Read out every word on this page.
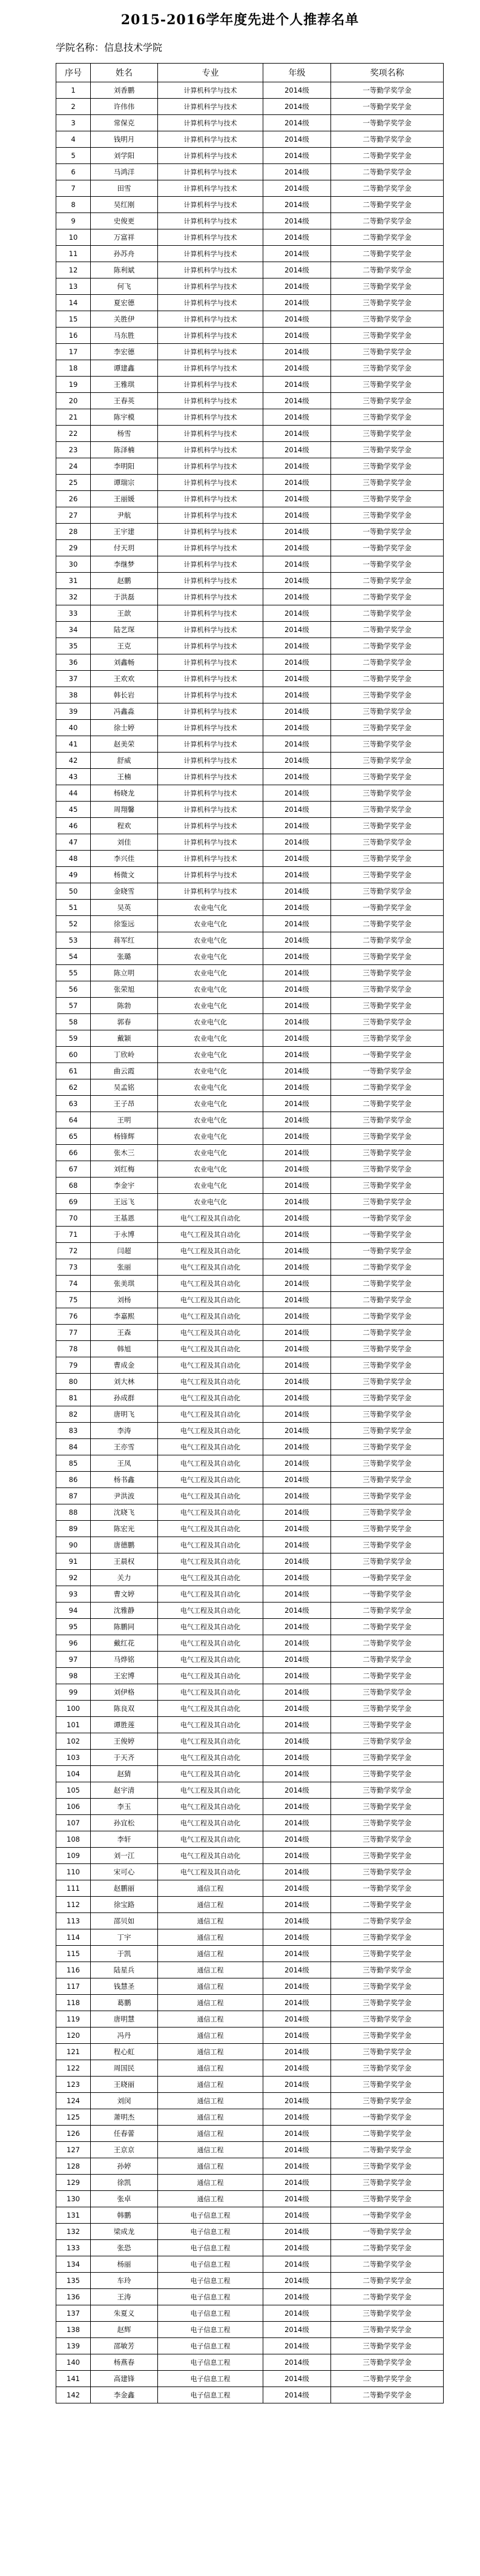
2015-2016学年度先进个人推荐名单
学院名称：信息技术学院
序号	姓名	专业	年级	奖项名称
1	刘香鹏	计算机科学与技术	2014级	一等勤学奖学金
2	许伟伟	计算机科学与技术	2014级	一等勤学奖学金
3	常保克	计算机科学与技术	2014级	一等勤学奖学金
4	钱明月	计算机科学与技术	2014级	二等勤学奖学金
5	刘学阳	计算机科学与技术	2014级	二等勤学奖学金
6	马鸿洋	计算机科学与技术	2014级	二等勤学奖学金
7	田雪	计算机科学与技术	2014级	二等勤学奖学金
8	吴红刚	计算机科学与技术	2014级	二等勤学奖学金
9	史俊更	计算机科学与技术	2014级	二等勤学奖学金
10	万富祥	计算机科学与技术	2014级	二等勤学奖学金
11	孙苏舟	计算机科学与技术	2014级	二等勤学奖学金
12	陈利斌	计算机科学与技术	2014级	二等勤学奖学金
13	何飞	计算机科学与技术	2014级	三等勤学奖学金
14	夏宏德	计算机科学与技术	2014级	三等勤学奖学金
15	关胜伊	计算机科学与技术	2014级	三等勤学奖学金
16	马东胜	计算机科学与技术	2014级	三等勤学奖学金
17	李宏德	计算机科学与技术	2014级	三等勤学奖学金
18	谭建鑫	计算机科学与技术	2014级	三等勤学奖学金
19	王雅琪	计算机科学与技术	2014级	三等勤学奖学金
20	王春英	计算机科学与技术	2014级	三等勤学奖学金
21	陈宇模	计算机科学与技术	2014级	三等勤学奖学金
22	杨雪	计算机科学与技术	2014级	三等勤学奖学金
23	陈泽楠	计算机科学与技术	2014级	三等勤学奖学金
24	李明阳	计算机科学与技术	2014级	三等勤学奖学金
25	谭瑞宗	计算机科学与技术	2014级	三等勤学奖学金
26	王丽媛	计算机科学与技术	2014级	三等勤学奖学金
27	尹航	计算机科学与技术	2014级	三等勤学奖学金
28	王宇建	计算机科学与技术	2014级	一等勤学奖学金
29	付天玥	计算机科学与技术	2014级	一等勤学奖学金
30	李继梦	计算机科学与技术	2014级	一等勤学奖学金
31	赵鹏	计算机科学与技术	2014级	二等勤学奖学金
32	于洪磊	计算机科学与技术	2014级	二等勤学奖学金
33	王歆	计算机科学与技术	2014级	二等勤学奖学金
34	陆艺琛	计算机科学与技术	2014级	二等勤学奖学金
35	王克	计算机科学与技术	2014级	二等勤学奖学金
36	刘鑫畅	计算机科学与技术	2014级	二等勤学奖学金
37	王欢欢	计算机科学与技术	2014级	二等勤学奖学金
38	韩长岩	计算机科学与技术	2014级	三等勤学奖学金
39	冯鑫淼	计算机科学与技术	2014级	三等勤学奖学金
40	徐士婷	计算机科学与技术	2014级	三等勤学奖学金
41	赵美荣	计算机科学与技术	2014级	三等勤学奖学金
42	舒威	计算机科学与技术	2014级	三等勤学奖学金
43	王楠	计算机科学与技术	2014级	三等勤学奖学金
44	杨晓龙	计算机科学与技术	2014级	三等勤学奖学金
45	周翔馨	计算机科学与技术	2014级	三等勤学奖学金
46	程欢	计算机科学与技术	2014级	三等勤学奖学金
47	刘佳	计算机科学与技术	2014级	三等勤学奖学金
48	李兴佳	计算机科学与技术	2014级	三等勤学奖学金
49	杨微文	计算机科学与技术	2014级	三等勤学奖学金
50	金晓雪	计算机科学与技术	2014级	三等勤学奖学金
51	吴英	农业电气化	2014级	一等勤学奖学金
52	徐鉴远	农业电气化	2014级	二等勤学奖学金
53	蒋军红	农业电气化	2014级	二等勤学奖学金
54	张璐	农业电气化	2014级	三等勤学奖学金
55	陈立明	农业电气化	2014级	三等勤学奖学金
56	张荣旭	农业电气化	2014级	三等勤学奖学金
57	陈勃	农业电气化	2014级	三等勤学奖学金
58	郭春	农业电气化	2014级	三等勤学奖学金
59	戴颖	农业电气化	2014级	三等勤学奖学金
60	丁欣岭	农业电气化	2014级	一等勤学奖学金
61	曲云霞	农业电气化	2014级	一等勤学奖学金
62	吴孟铭	农业电气化	2014级	二等勤学奖学金
63	王子昂	农业电气化	2014级	二等勤学奖学金
64	王明	农业电气化	2014级	三等勤学奖学金
65	杨锋辉	农业电气化	2014级	三等勤学奖学金
66	张木三	农业电气化	2014级	三等勤学奖学金
67	刘红梅	农业电气化	2014级	三等勤学奖学金
68	李金宇	农业电气化	2014级	三等勤学奖学金
69	王远飞	农业电气化	2014级	三等勤学奖学金
70	王基恩	电气工程及其自动化	2014级	一等勤学奖学金
71	于永博	电气工程及其自动化	2014级	一等勤学奖学金
72	闫超	电气工程及其自动化	2014级	一等勤学奖学金
73	张丽	电气工程及其自动化	2014级	二等勤学奖学金
74	张美琪	电气工程及其自动化	2014级	二等勤学奖学金
75	刘杨	电气工程及其自动化	2014级	二等勤学奖学金
76	李嘉熙	电气工程及其自动化	2014级	二等勤学奖学金
77	王森	电气工程及其自动化	2014级	二等勤学奖学金
78	韩旭	电气工程及其自动化	2014级	三等勤学奖学金
79	曹成金	电气工程及其自动化	2014级	三等勤学奖学金
80	刘大林	电气工程及其自动化	2014级	三等勤学奖学金
81	孙成群	电气工程及其自动化	2014级	三等勤学奖学金
82	唐明飞	电气工程及其自动化	2014级	三等勤学奖学金
83	李涛	电气工程及其自动化	2014级	三等勤学奖学金
84	王亦雪	电气工程及其自动化	2014级	三等勤学奖学金
85	王凤	电气工程及其自动化	2014级	三等勤学奖学金
86	杨书鑫	电气工程及其自动化	2014级	三等勤学奖学金
87	尹洪波	电气工程及其自动化	2014级	三等勤学奖学金
88	沈晓飞	电气工程及其自动化	2014级	三等勤学奖学金
89	陈宏光	电气工程及其自动化	2014级	三等勤学奖学金
90	唐德鹏	电气工程及其自动化	2014级	三等勤学奖学金
91	王晨权	电气工程及其自动化	2014级	三等勤学奖学金
92	关力	电气工程及其自动化	2014级	一等勤学奖学金
93	曹文婷	电气工程及其自动化	2014级	一等勤学奖学金
94	沈雅静	电气工程及其自动化	2014级	二等勤学奖学金
95	陈鹏同	电气工程及其自动化	2014级	二等勤学奖学金
96	戴红花	电气工程及其自动化	2014级	二等勤学奖学金
97	马烨铭	电气工程及其自动化	2014级	二等勤学奖学金
98	王宏博	电气工程及其自动化	2014级	二等勤学奖学金
99	刘伊格	电气工程及其自动化	2014级	三等勤学奖学金
100	陈良双	电气工程及其自动化	2014级	三等勤学奖学金
101	谭胜莲	电气工程及其自动化	2014级	三等勤学奖学金
102	王俊婷	电气工程及其自动化	2014级	三等勤学奖学金
103	于天齐	电气工程及其自动化	2014级	三等勤学奖学金
104	赵猜	电气工程及其自动化	2014级	三等勤学奖学金
105	赵宇清	电气工程及其自动化	2014级	三等勤学奖学金
106	李玉	电气工程及其自动化	2014级	三等勤学奖学金
107	孙宜松	电气工程及其自动化	2014级	三等勤学奖学金
108	李轩	电气工程及其自动化	2014级	三等勤学奖学金
109	刘一江	电气工程及其自动化	2014级	三等勤学奖学金
110	宋可心	电气工程及其自动化	2014级	三等勤学奖学金
111	赵鹏丽	通信工程	2014级	一等勤学奖学金
112	徐宝路	通信工程	2014级	二等勤学奖学金
113	邵贝如	通信工程	2014级	二等勤学奖学金
114	丁宇	通信工程	2014级	三等勤学奖学金
115	于凯	通信工程	2014级	三等勤学奖学金
116	陆星兵	通信工程	2014级	三等勤学奖学金
117	钱慧圣	通信工程	2014级	三等勤学奖学金
118	葛鹏	通信工程	2014级	三等勤学奖学金
119	唐明慧	通信工程	2014级	三等勤学奖学金
120	冯丹	通信工程	2014级	三等勤学奖学金
121	程心虹	通信工程	2014级	三等勤学奖学金
122	周国民	通信工程	2014级	三等勤学奖学金
123	王晓丽	通信工程	2014级	三等勤学奖学金
124	刘闵	通信工程	2014级	三等勤学奖学金
125	萧明杰	通信工程	2014级	一等勤学奖学金
126	任春蕾	通信工程	2014级	二等勤学奖学金
127	王京京	通信工程	2014级	二等勤学奖学金
128	孙婷	通信工程	2014级	三等勤学奖学金
129	徐凯	通信工程	2014级	三等勤学奖学金
130	张卓	通信工程	2014级	三等勤学奖学金
131	韩鹏	电子信息工程	2014级	一等勤学奖学金
132	梁成龙	电子信息工程	2014级	一等勤学奖学金
133	张恐	电子信息工程	2014级	二等勤学奖学金
134	杨丽	电子信息工程	2014级	二等勤学奖学金
135	车玲	电子信息工程	2014级	二等勤学奖学金
136	王涛	电子信息工程	2014级	二等勤学奖学金
137	朱夏义	电子信息工程	2014级	三等勤学奖学金
138	赵辉	电子信息工程	2014级	三等勤学奖学金
139	邵敏芳	电子信息工程	2014级	三等勤学奖学金
140	杨燕春	电子信息工程	2014级	三等勤学奖学金
141	高建锋	电子信息工程	2014级	二等勤学奖学金
142	李金鑫	电子信息工程	2014级	二等勤学奖学金
